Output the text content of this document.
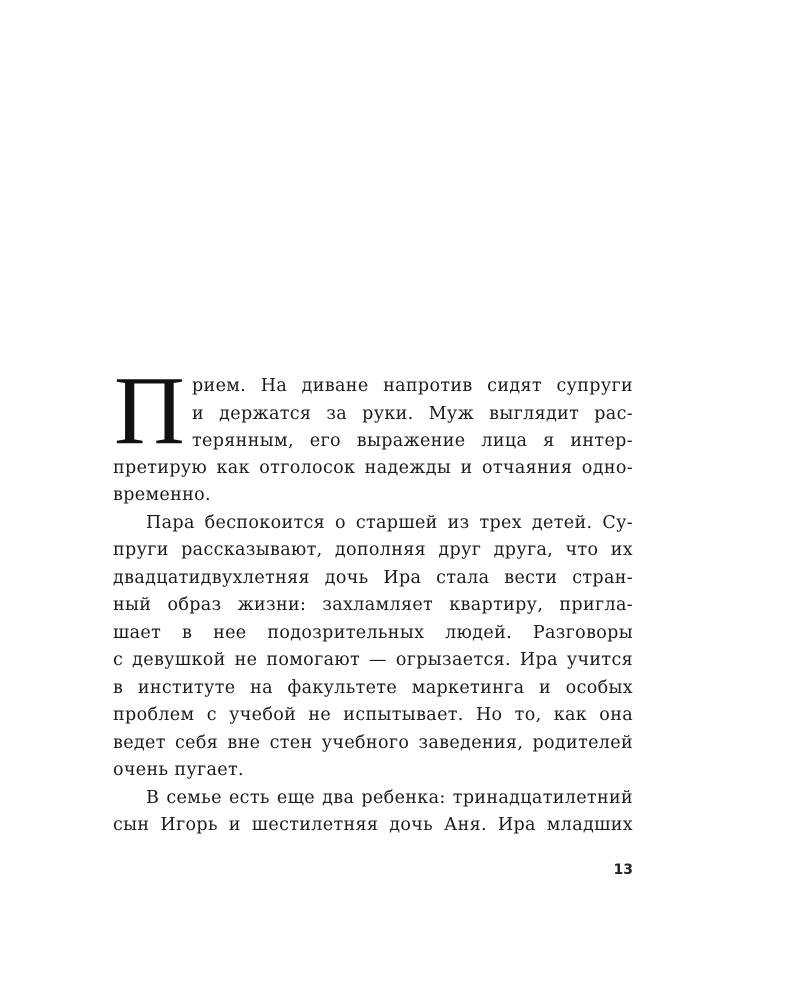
П рием. На диване напротив сидят супруги
и держатся за руки. Муж выглядит рас-
терянным, его выражение лица я интер-
претирую как отголосок надежды и отчаяния одно-
временно.
Пара беспокоится о старшей из трех детей. Су-
пруги рассказывают, дополняя друг друга, что их
двадцатидвухлетняя дочь Ира стала вести стран-
ный образ жизни: захламляет квартиру, пригла-
шает в нее подозрительных людей. Разговоры
с девушкой не помогают — огрызается. Ира учится
в институте на факультете маркетинга и особых
проблем с учебой не испытывает. Но то, как она
ведет себя вне стен учебного заведения, родителей
очень пугает.
В семье есть еще два ребенка: тринадцатилетний
сын Игорь и шестилетняя дочь Аня. Ира младших
13
